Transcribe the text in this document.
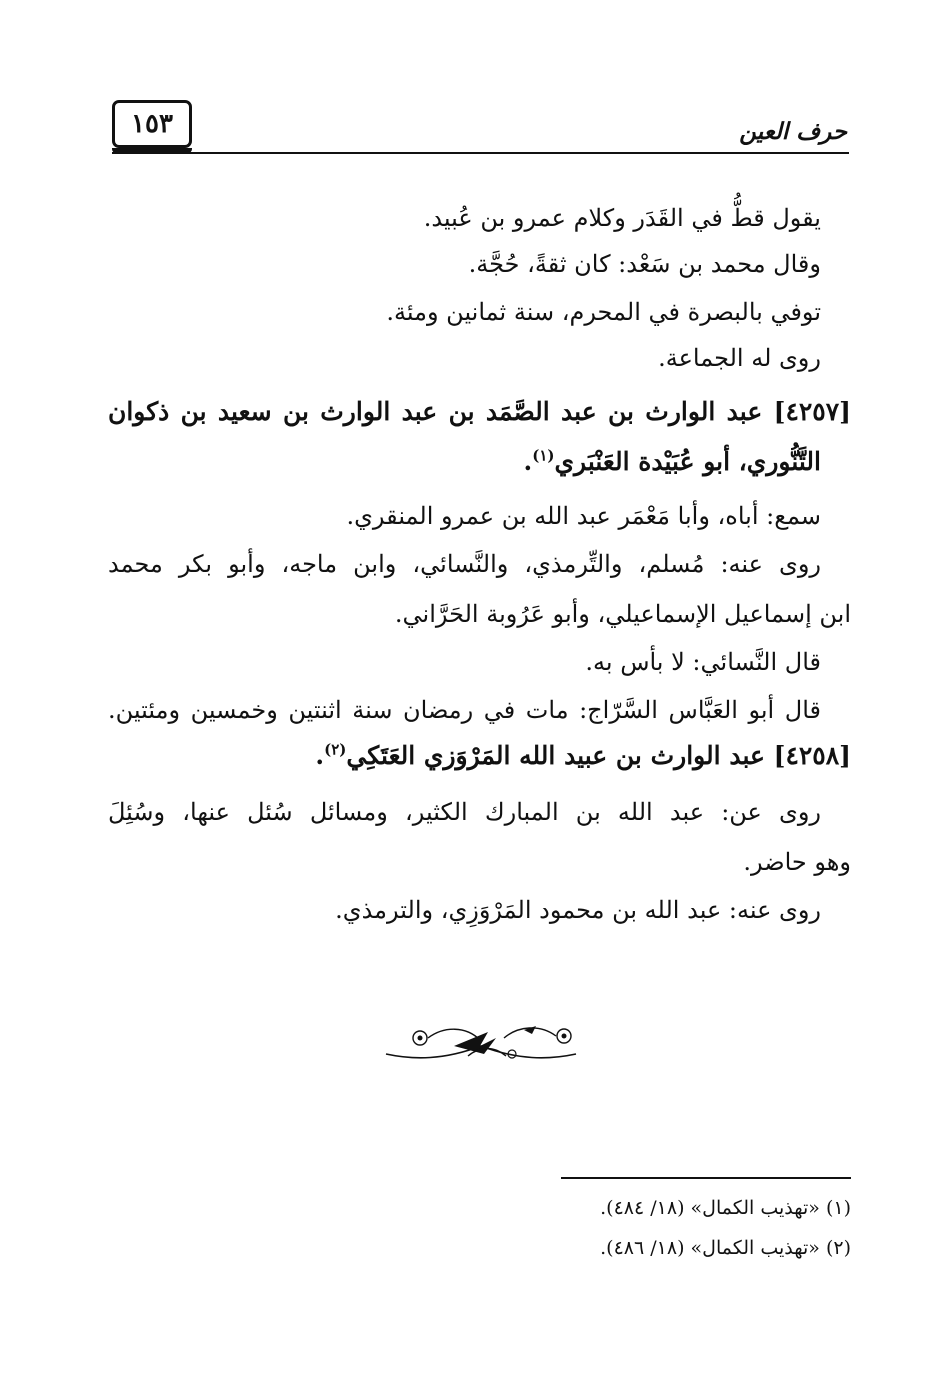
١٥٣	حرف العين
يقول قطُّ في القَدَر وكلام عمرو بن عُبيد.
وقال محمد بن سَعْد: كان ثقةً، حُجَّة.
توفي بالبصرة في المحرم، سنة ثمانين ومئة.
روى له الجماعة.
[٤٢٥٧] عبد الوارث بن عبد الصَّمَد بن عبد الوارث بن سعيد بن ذكوان
التَّنُّوري، أبو عُبَيْدة العَنْبَري$^{(١)}$.
سمع: أباه، وأبا مَعْمَر عبد الله بن عمرو المنقري.
روى عنه: مُسلم، والتِّرمذي، والنَّسائي، وابن ماجه، وأبو بكر محمد
ابن إسماعيل الإسماعيلي، وأبو عَرُوبة الحَرَّاني.
قال النَّسائي: لا بأس به.
قال أبو العَبَّاس السَّرّاج: مات في رمضان سنة اثنتين وخمسين ومئتين.
[٤٢٥٨] عبد الوارث بن عبيد الله المَرْوَزي العَتَكِي$^{(٢)}$.
روى عن: عبد الله بن المبارك الكثير، ومسائل سُئل عنها، وسُئِلَ
وهو حاضر.
روى عنه: عبد الله بن محمود المَرْوَزِي، والترمذي.
(١) «تهذيب الكمال» (١٨/ ٤٨٤).
(٢) «تهذيب الكمال» (١٨/ ٤٨٦).
